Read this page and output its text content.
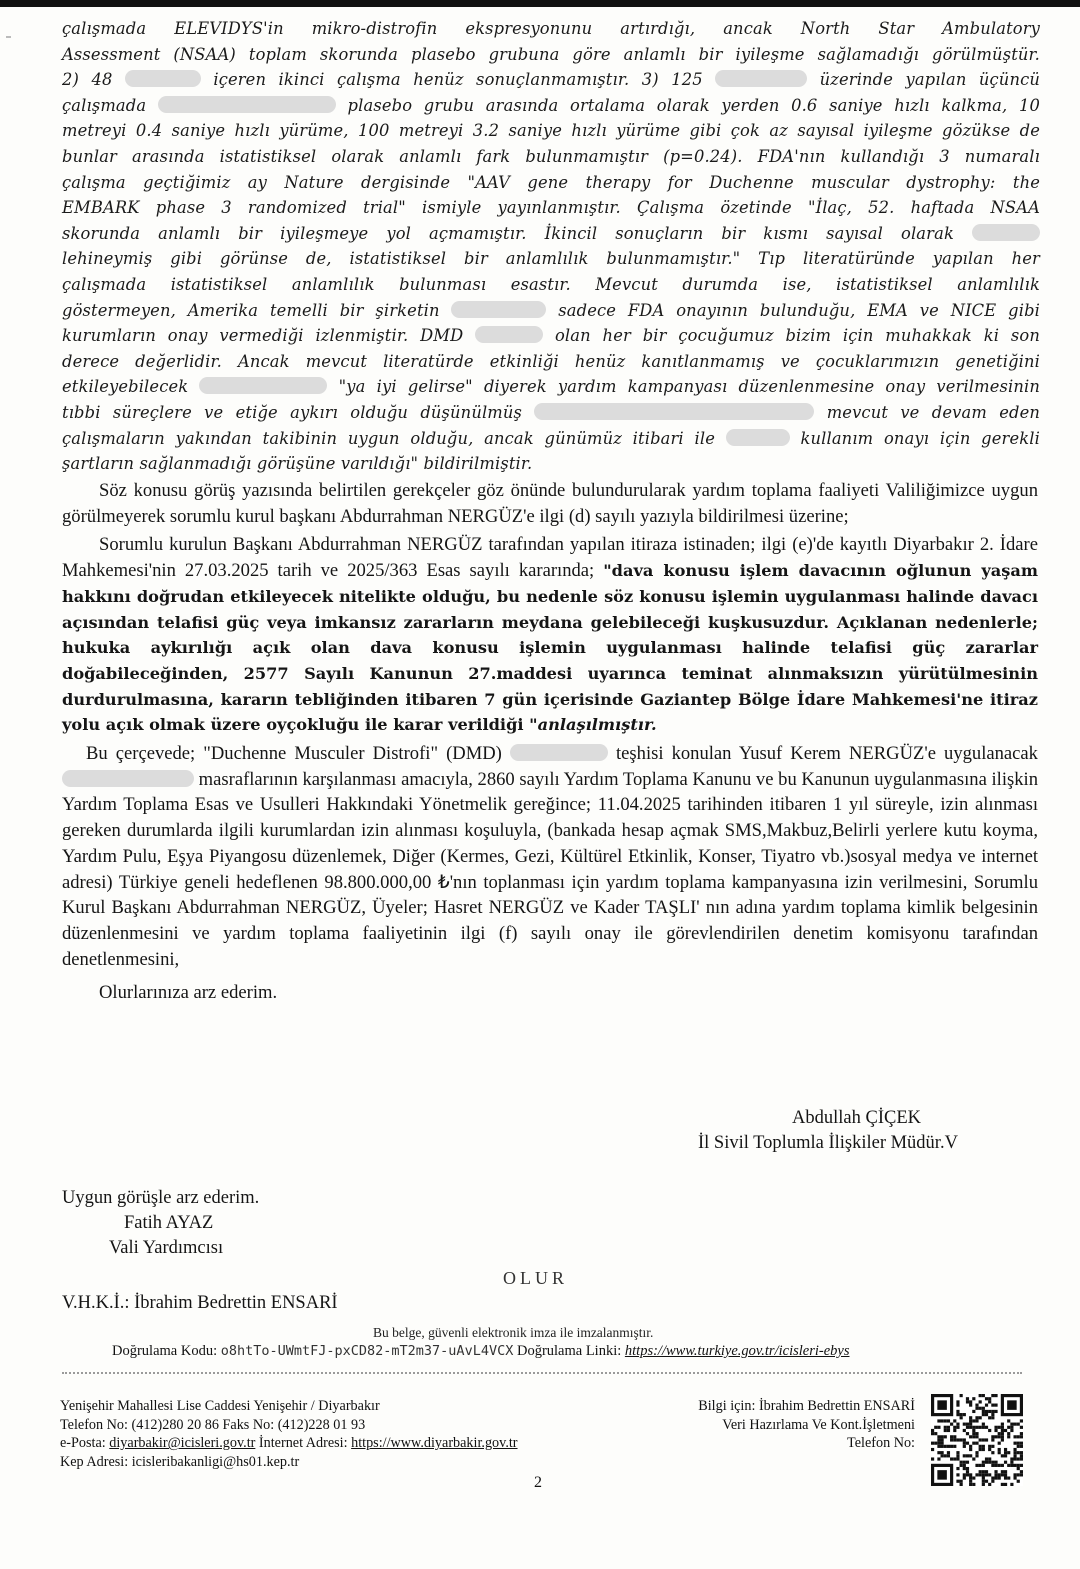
çalışmada ELEVIDYS'in mikro-distrofin ekspresyonunu artırdığı, ancak North Star Ambulatory
Assessment (NSAA) toplam skorunda plasebo grubuna göre anlamlı bir iyileşme sağlamadığı görülmüştür.
2) 48	içeren ikinci çalışma henüz sonuçlanmamıştır. 3) 125	üzerinde yapılan üçüncü
çalışmada	plasebo grubu arasında ortalama olarak yerden 0.6 saniye hızlı kalkma, 10
metreyi 0.4 saniye hızlı yürüme, 100 metreyi 3.2 saniye hızlı yürüme gibi çok az sayısal iyileşme gözükse de
bunlar arasında istatistiksel olarak anlamlı fark bulunmamıştır (p=0.24). FDA'nın kullandığı 3 numaralı
çalışma geçtiğimiz ay Nature dergisinde "AAV gene therapy for Duchenne muscular dystrophy: the
EMBARK phase 3 randomized trial" ismiyle yayınlanmıştır. Çalışma özetinde "İlaç, 52. haftada NSAA
skorunda anlamlı bir iyileşmeye yol açmamıştır. İkincil sonuçların bir kısmı sayısal olarak
lehineymiş gibi görünse de, istatistiksel bir anlamlılık bulunmamıştır." Tıp literatüründe yapılan her
çalışmada istatistiksel anlamlılık bulunması esastır. Mevcut durumda ise, istatistiksel anlamlılık
göstermeyen, Amerika temelli bir şirketin	sadece FDA onayının bulunduğu, EMA ve NICE gibi
kurumların onay vermediği izlenmiştir. DMD	olan her bir çocuğumuz bizim için muhakkak ki son
derece değerlidir. Ancak mevcut literatürde etkinliği henüz kanıtlanmamış ve çocuklarımızın genetiğini
etkileyebilecek	"ya iyi gelirse" diyerek yardım kampanyası düzenlenmesine onay verilmesinin
tıbbi süreçlere ve etiğe aykırı olduğu düşünülmüş	mevcut ve devam eden
çalışmaların yakından takibinin uygun olduğu, ancak günümüz itibari ile	kullanım onayı için gerekli
şartların sağlanmadığı görüşüne varıldığı" bildirilmiştir.
Söz konusu görüş yazısında belirtilen gerekçeler göz önünde bulundurularak yardım toplama faaliyeti Valiliğimizce uygun görülmeyerek sorumlu kurul başkanı Abdurrahman NERGÜZ'e ilgi (d) sayılı yazıyla bildirilmesi üzerine;
Sorumlu kurulun Başkanı Abdurrahman NERGÜZ tarafından yapılan itiraza istinaden; ilgi (e)'de kayıtlı Diyarbakır 2. İdare Mahkemesi'nin 27.03.2025 tarih ve 2025/363 Esas sayılı kararında; "dava konusu işlem davacının oğlunun yaşam hakkını doğrudan etkileyecek nitelikte olduğu, bu nedenle söz konusu işlemin uygulanması halinde davacı açısından telafisi güç veya imkansız zararların meydana gelebileceği kuşkusuzdur. Açıklanan nedenlerle; hukuka aykırılığı açık olan dava konusu işlemin uygulanması halinde telafisi güç zararlar doğabileceğinden, 2577 Sayılı Kanunun 27.maddesi uyarınca teminat alınmaksızın yürütülmesinin durdurulmasına, kararın tebliğinden itibaren 7 gün içerisinde Gaziantep Bölge İdare Mahkemesi'ne itiraz yolu açık olmak üzere oyçokluğu ile karar verildiği "anlaşılmıştır.
Bu çerçevede; "Duchenne Musculer Distrofi" (DMD)	teşhisi konulan Yusuf Kerem NERGÜZ'e uygulanacak  masraflarının karşılanması amacıyla, 2860 sayılı Yardım Toplama Kanunu ve bu Kanunun uygulanmasına ilişkin Yardım Toplama Esas ve Usulleri Hakkındaki Yönetmelik gereğince; 11.04.2025 tarihinden itibaren 1 yıl süreyle, izin alınması gereken durumlarda ilgili kurumlardan izin alınması koşuluyla, (bankada hesap açmak SMS,Makbuz,Belirli yerlere kutu koyma, Yardım Pulu, Eşya Piyangosu düzenlemek, Diğer (Kermes, Gezi, Kültürel Etkinlik, Konser, Tiyatro vb.)sosyal medya ve internet adresi) Türkiye geneli hedeflenen 98.800.000,00 ₺'nın toplanması için yardım toplama kampanyasına izin verilmesini, Sorumlu Kurul Başkanı Abdurrahman NERGÜZ, Üyeler; Hasret NERGÜZ ve Kader TAŞLI' nın adına yardım toplama kimlik belgesinin düzenlenmesini ve yardım toplama faaliyetinin ilgi (f) sayılı onay ile görevlendirilen denetim komisyonu tarafından denetlenmesini,
Olurlarınıza arz ederim.
Abdullah ÇİÇEK
İl Sivil Toplumla İlişkiler Müdür.V
Uygun görüşle arz ederim.
Fatih AYAZ
Vali Yardımcısı
OLUR
V.H.K.İ.: İbrahim Bedrettin ENSARİ
Bu belge, güvenli elektronik imza ile imzalanmıştır.
Doğrulama Kodu: o8htTo-UWmtFJ-pxCD82-mT2m37-uAvL4VCX Doğrulama Linki: https://www.turkiye.gov.tr/icisleri-ebys
Yenişehir Mahallesi Lise Caddesi Yenişehir / Diyarbakır
Telefon No: (412)280 20 86 Faks No: (412)228 01 93
e-Posta: diyarbakir@icisleri.gov.tr İnternet Adresi: https://www.diyarbakir.gov.tr
Kep Adresi: icisleribakanligi@hs01.kep.tr
Bilgi için: İbrahim Bedrettin ENSARİ
Veri Hazırlama Ve Kont.İşletmeni
Telefon No:
2
